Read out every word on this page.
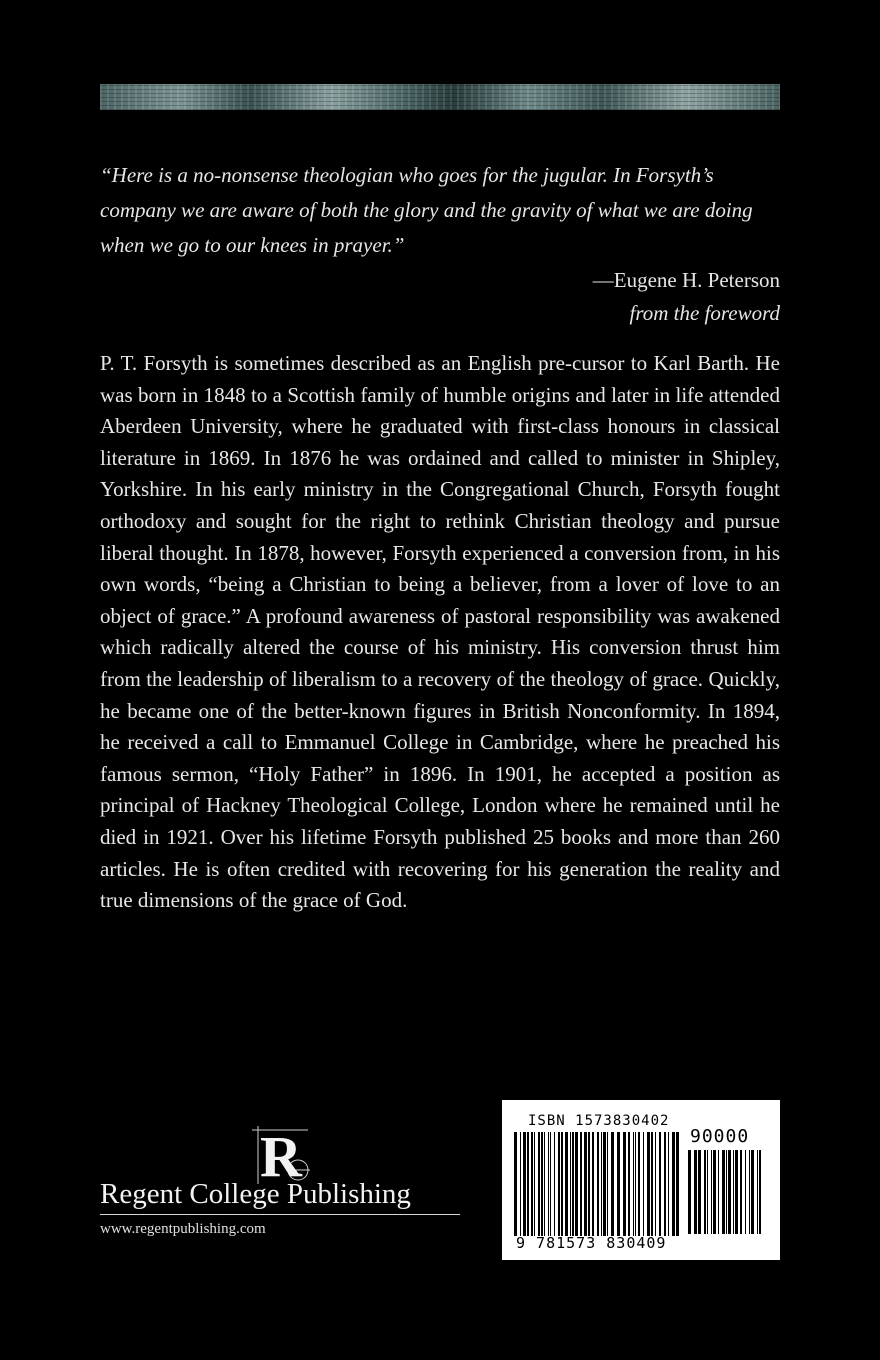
“Here is a no-nonsense theologian who goes for the jugular. In Forsyth’s company we are aware of both the glory and the gravity of what we are doing when we go to our knees in prayer.”

—Eugene H. Peterson
from the foreword

P. T. Forsyth is sometimes described as an English pre-cursor to Karl Barth. He was born in 1848 to a Scottish family of humble origins and later in life attended Aberdeen University, where he graduated with first-class honours in classical literature in 1869. In 1876 he was ordained and called to minister in Shipley, Yorkshire. In his early ministry in the Congregational Church, Forsyth fought orthodoxy and sought for the right to rethink Christian theology and pursue liberal thought. In 1878, however, Forsyth experienced a conversion from, in his own words, “being a Christian to being a believer, from a lover of love to an object of grace.” A profound awareness of pastoral responsibility was awakened which radically altered the course of his ministry. His conversion thrust him from the leadership of liberalism to a recovery of the theology of grace. Quickly, he became one of the better-known figures in British Nonconformity. In 1894, he received a call to Emmanuel College in Cambridge, where he preached his famous sermon, “Holy Father” in 1896. In 1901, he accepted a position as principal of Hackney Theological College, London where he remained until he died in 1921. Over his lifetime Forsyth published 25 books and more than 260 articles. He is often credited with recovering for his generation the reality and true dimensions of the grace of God.

R
Regent College Publishing
www.regentpublishing.com
ISBN 1573830402
90000
9 781573 830409
